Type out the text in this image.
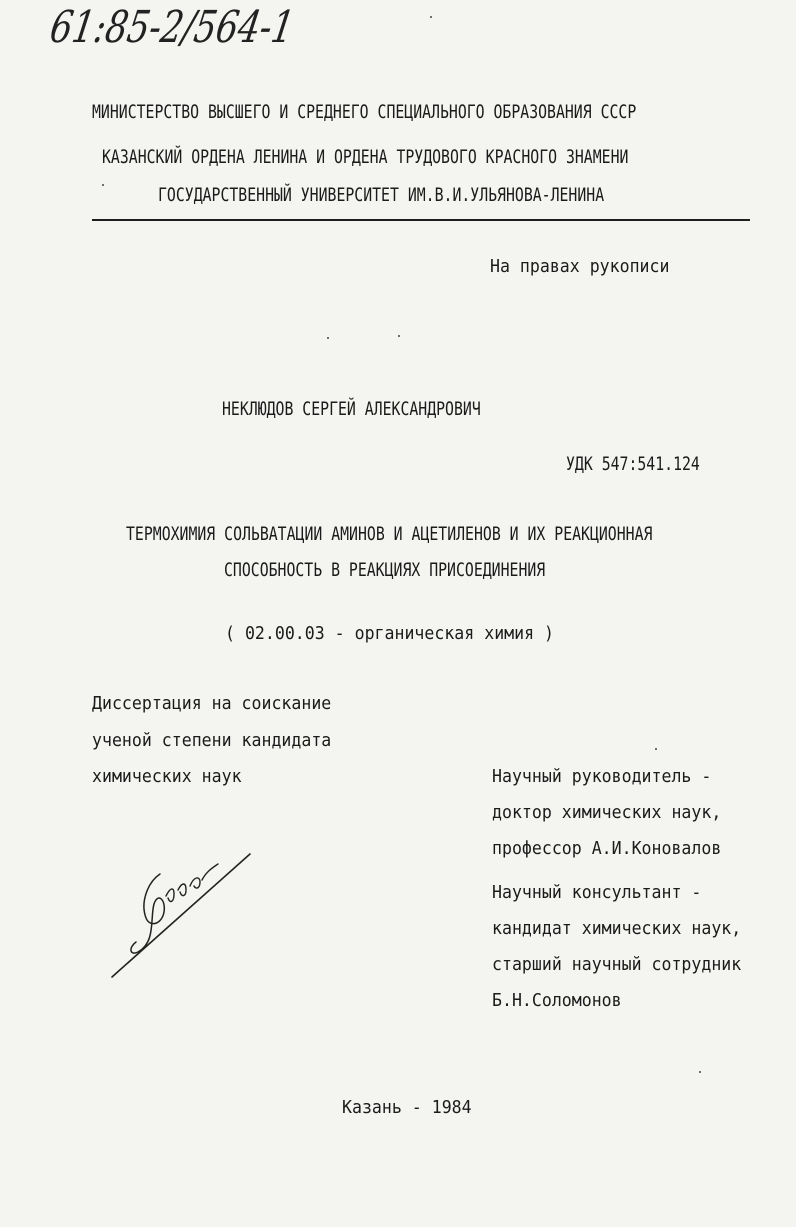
61:85-2/564-1
МИНИСТЕРСТВО ВЫСШЕГО И СРЕДНЕГО СПЕЦИАЛЬНОГО ОБРАЗОВАНИЯ СССР
КАЗАНСКИЙ ОРДЕНА ЛЕНИНА И ОРДЕНА ТРУДОВОГО КРАСНОГО ЗНАМЕНИ
ГОСУДАРСТВЕННЫЙ УНИВЕРСИТЕТ ИМ.В.И.УЛЬЯНОВА-ЛЕНИНА
На правах рукописи
НЕКЛЮДОВ СЕРГЕЙ АЛЕКСАНДРОВИЧ
УДК 547:541.124
ТЕРМОХИМИЯ СОЛЬВАТАЦИИ АМИНОВ И АЦЕТИЛЕНОВ И ИХ РЕАКЦИОННАЯ
СПОСОБНОСТЬ В РЕАКЦИЯХ ПРИСОЕДИНЕНИЯ
( 02.00.03 - органическая химия )
Диссертация на соискание
ученой степени кандидата
химических наук	Научный руководитель -
доктор химических наук,
профессор А.И.Коновалов
Научный консультант -
кандидат химических наук,
старший научный сотрудник
Б.Н.Соломонов
Казань - 1984
